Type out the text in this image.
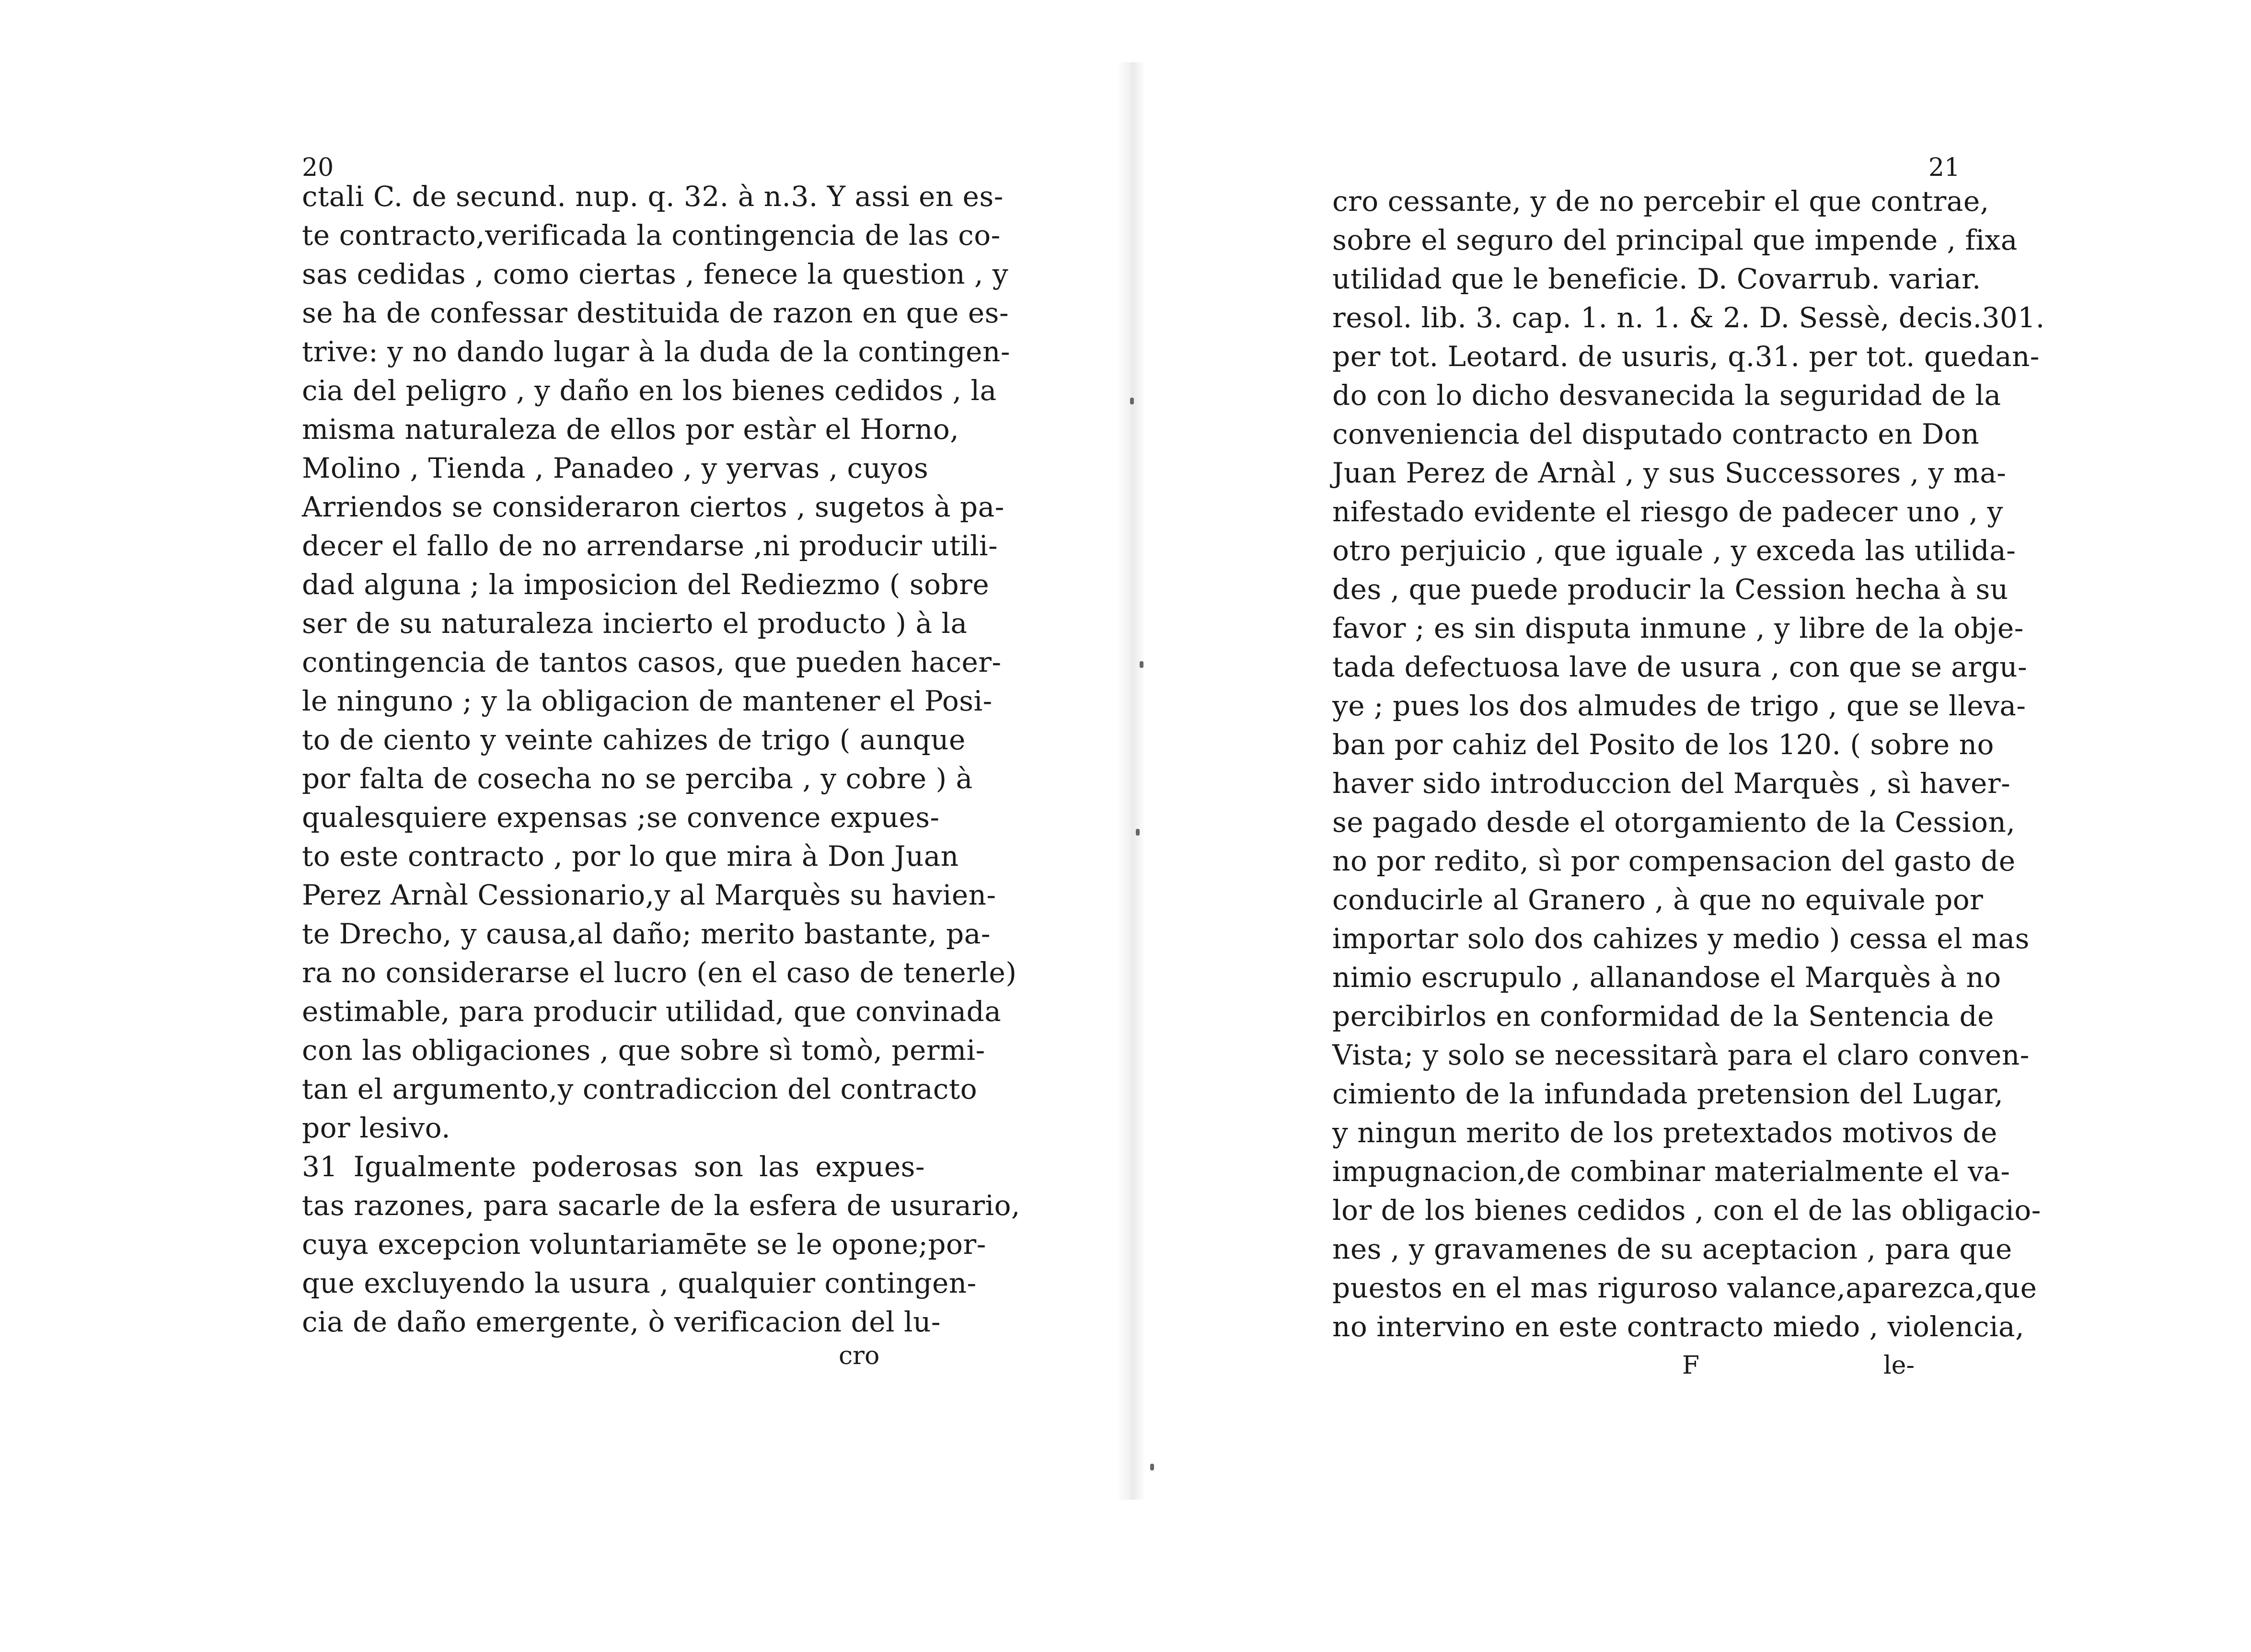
20
ctali C. de secund. nup. q. 32. à n.3. Y assi en es-
te contracto,verificada la contingencia de las co-
sas cedidas , como ciertas , fenece la question , y
se ha de confessar destituida de razon en que es-
trive: y no dando lugar à la duda de la contingen-
cia del peligro , y daño en los bienes cedidos , la
misma naturaleza de ellos por estàr el Horno,
Molino , Tienda , Panadeo , y yervas , cuyos
Arriendos se consideraron ciertos , sugetos à pa-
decer el fallo de no arrendarse ,ni producir utili-
dad alguna ; la imposicion del Rediezmo ( sobre
ser de su naturaleza incierto el producto ) à la
contingencia de tantos casos, que pueden hacer-
le ninguno ; y la obligacion de mantener el Posi-
to de ciento y veinte cahizes de trigo ( aunque
por falta de cosecha no se perciba , y cobre ) à
qualesquiere expensas ;se convence expues-
to este contracto , por lo que mira à Don Juan
Perez Arnàl Cessionario,y al Marquès su havien-
te Drecho, y causa,al daño; merito bastante, pa-
ra no considerarse el lucro (en el caso de tenerle)
estimable, para producir utilidad, que convinada
con las obligaciones , que sobre sì tomò, permi-
tan el argumento,y contradiccion del contracto
por lesivo.
31 Igualmente poderosas son las expues-
tas razones, para sacarle de la esfera de usurario,
cuya excepcion voluntariamēte se le opone;por-
que excluyendo la usura , qualquier contingen-
cia de daño emergente, ò verificacion del lu-
cro
21
cro cessante, y de no percebir el que contrae,
sobre el seguro del principal que impende , fixa
utilidad que le beneficie. D. Covarrub. variar.
resol. lib. 3. cap. 1. n. 1. & 2. D. Sessè, decis.301.
per tot. Leotard. de usuris, q.31. per tot. quedan-
do con lo dicho desvanecida la seguridad de la
conveniencia del disputado contracto en Don
Juan Perez de Arnàl , y sus Successores , y ma-
nifestado evidente el riesgo de padecer uno , y
otro perjuicio , que iguale , y exceda las utilida-
des , que puede producir la Cession hecha à su
favor ; es sin disputa inmune , y libre de la obje-
tada defectuosa lave de usura , con que se argu-
ye ; pues los dos almudes de trigo , que se lleva-
ban por cahiz del Posito de los 120. ( sobre no
haver sido introduccion del Marquès , sì haver-
se pagado desde el otorgamiento de la Cession,
no por redito, sì por compensacion del gasto de
conducirle al Granero , à que no equivale por
importar solo dos cahizes y medio ) cessa el mas
nimio escrupulo , allanandose el Marquès à no
percibirlos en conformidad de la Sentencia de
Vista; y solo se necessitarà para el claro conven-
cimiento de la infundada pretension del Lugar,
y ningun merito de los pretextados motivos de
impugnacion,de combinar materialmente el va-
lor de los bienes cedidos , con el de las obligacio-
nes , y gravamenes de su aceptacion , para que
puestos en el mas riguroso valance,aparezca,que
no intervino en este contracto miedo , violencia,
F	le-
